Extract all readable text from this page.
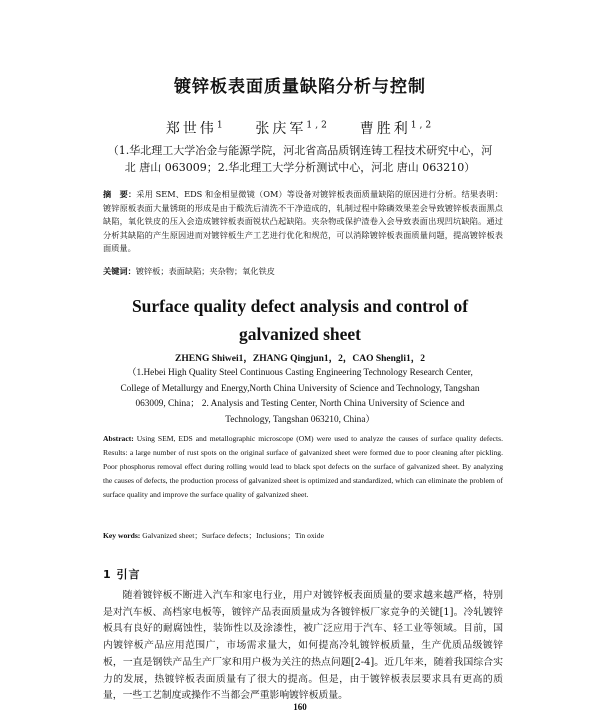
镀锌板表面质量缺陷分析与控制
郑世伟$^1$ 张庆军$^{1,2}$ 曹胜利$^{1,2}$
（1.华北理工大学冶金与能源学院，河北省高品质钢连铸工程技术研究中心，河
北 唐山 063009；2.华北理工大学分析测试中心，河北 唐山 063210）
摘　要：采用 SEM、EDS 和金相显微镜（OM）等设备对镀锌板表面质量缺陷的原因进行分析。结果表明：镀锌原板表面大量锈斑的形成是由于酸洗后清洗不干净造成的，轧制过程中除磷效果差会导致镀锌板表面黑点缺陷，氧化铁皮的压入会造成镀锌板表面锐状凸起缺陷。夹杂物或保护渣卷入会导致表面出现凹坑缺陷。通过分析其缺陷的产生原因进而对镀锌板生产工艺进行优化和规范，可以消除镀锌板表面质量问题，提高镀锌板表面质量。
关键词：镀锌板；表面缺陷；夹杂物；氧化铁皮
Surface quality defect analysis and control of
galvanized sheet
ZHENG Shiwei1，ZHANG Qingjun1，2，CAO Shengli1，2
（1.Hebei High Quality Steel Continuous Casting Engineering Technology Research Center,
College of Metallurgy and Energy,North China University of Science and Technology, Tangshan
063009, China； 2. Analysis and Testing Center, North China University of Science and
Technology, Tangshan 063210, China）
Abstract: Using SEM, EDS and metallographic microscope (OM) were used to analyze the causes of surface quality defects. Results: a large number of rust spots on the original surface of galvanized sheet were formed due to poor cleaning after pickling. Poor phosphorus removal effect during rolling would lead to black spot defects on the surface of galvanized sheet. By analyzing the causes of defects, the production process of galvanized sheet is optimized and standardized, which can eliminate the problem of surface quality and improve the surface quality of galvanized sheet.
Key words: Galvanized sheet；Surface defects；Inclusions；Tin oxide
1 引言
随着镀锌板不断进入汽车和家电行业，用户对镀锌板表面质量的要求越来越严格，特别是对汽车板、高档家电板等，镀锌产品表面质量成为各镀锌板厂家竞争的关键[1]。冷轧镀锌板具有良好的耐腐蚀性，装饰性以及涂漆性，被广泛应用于汽车、轻工业等领域。目前，国内镀锌板产品应用范围广，市场需求量大，如何提高冷轧镀锌板质量，生产优质品级镀锌板，一直是钢铁产品生产厂家和用户极为关注的热点问题[2-4]。近几年来，随着我国综合实力的发展，热镀锌板表面质量有了很大的提高。但是，由于镀锌板表层要求具有更高的质量，一些工艺制度或操作不当都会严重影响镀锌板质量。
160
